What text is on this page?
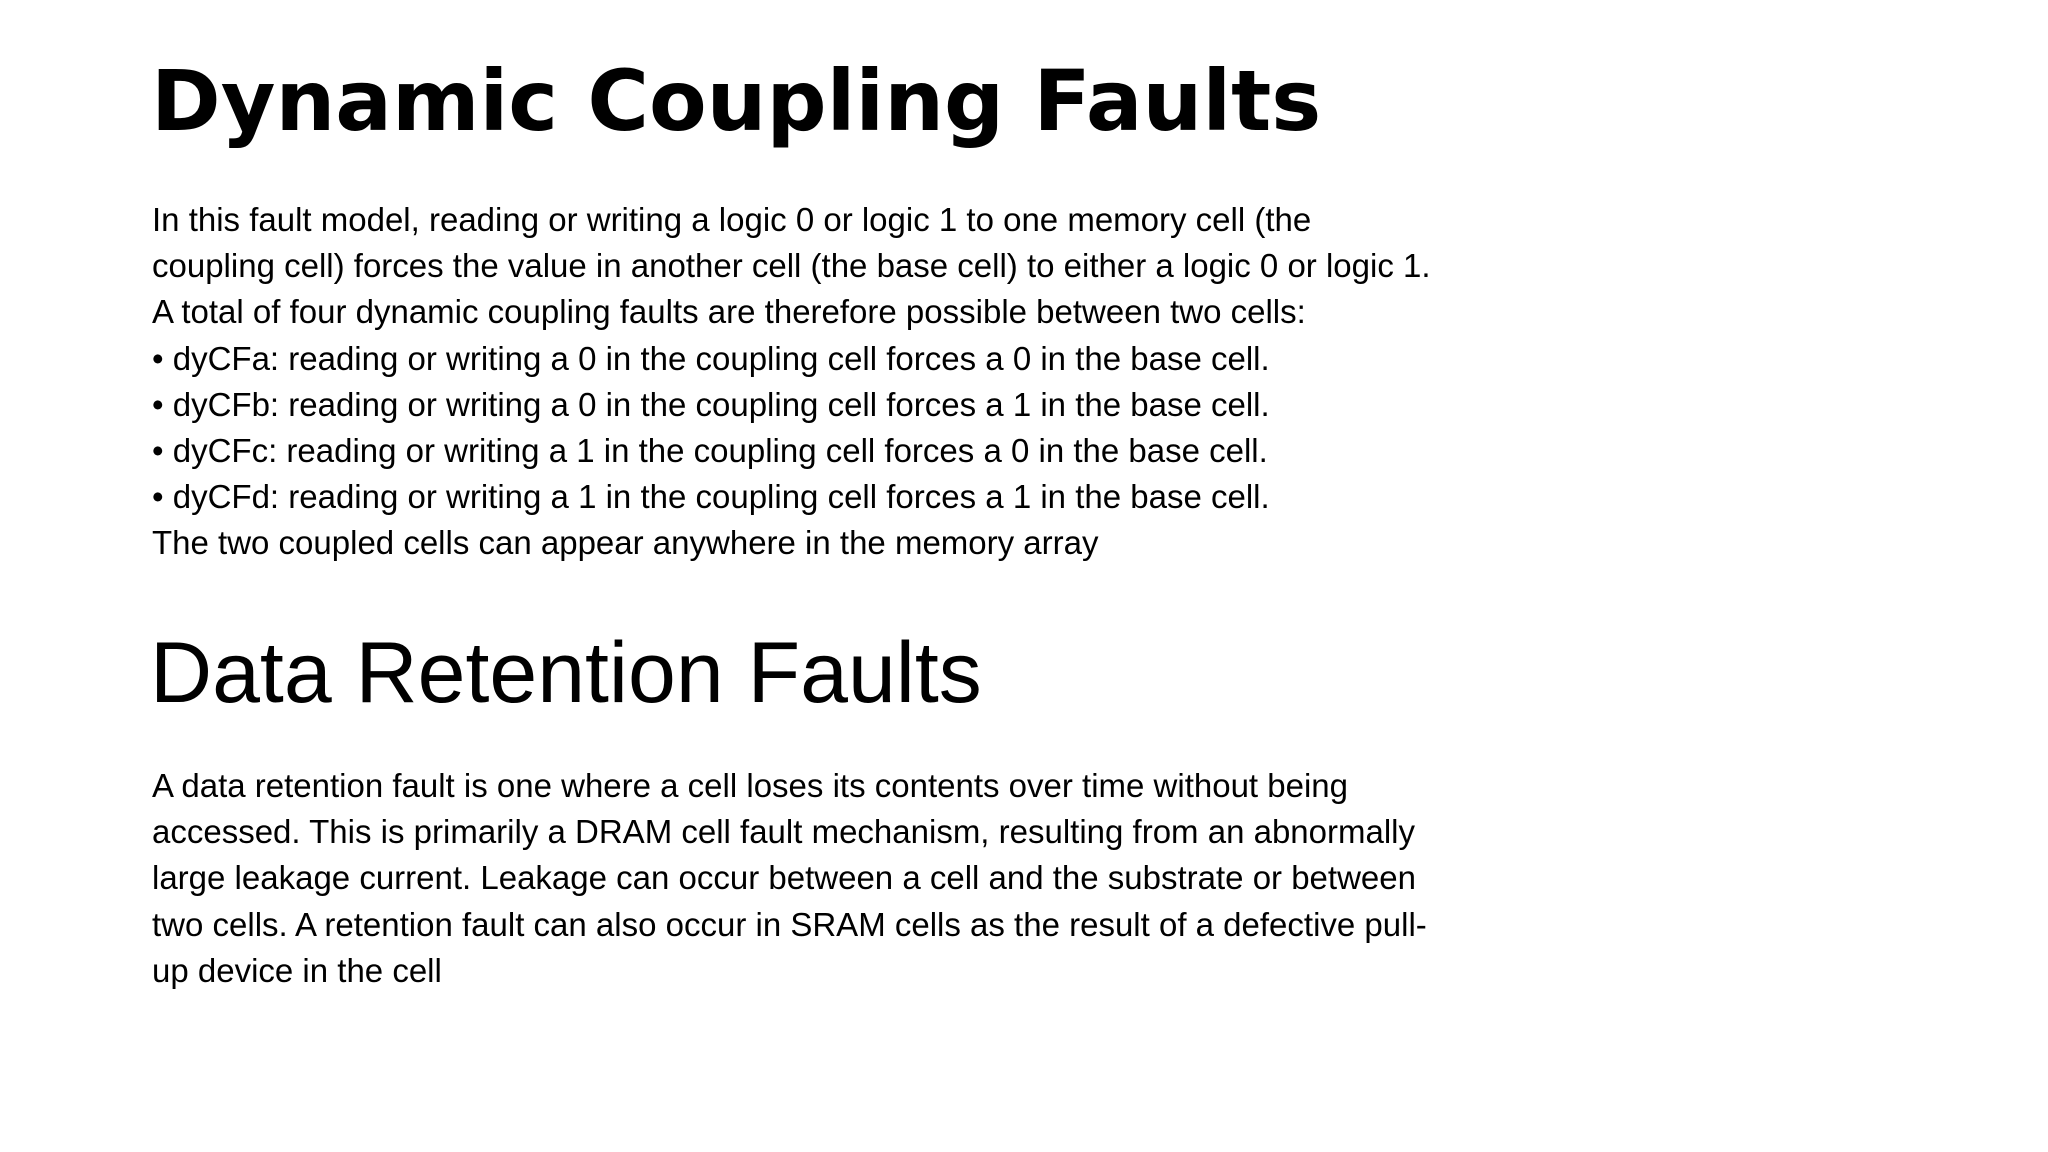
Dynamic Coupling Faults
In this fault model, reading or writing a logic 0 or logic 1 to one memory cell (the
coupling cell) forces the value in another cell (the base cell) to either a logic 0 or logic 1.
A total of four dynamic coupling faults are therefore possible between two cells:
• dyCFa: reading or writing a 0 in the coupling cell forces a 0 in the base cell.
• dyCFb: reading or writing a 0 in the coupling cell forces a 1 in the base cell.
• dyCFc: reading or writing a 1 in the coupling cell forces a 0 in the base cell.
• dyCFd: reading or writing a 1 in the coupling cell forces a 1 in the base cell.
The two coupled cells can appear anywhere in the memory array
Data Retention Faults
A data retention fault is one where a cell loses its contents over time without being
accessed. This is primarily a DRAM cell fault mechanism, resulting from an abnormally
large leakage current. Leakage can occur between a cell and the substrate or between
two cells. A retention fault can also occur in SRAM cells as the result of a defective pull-
up device in the cell
